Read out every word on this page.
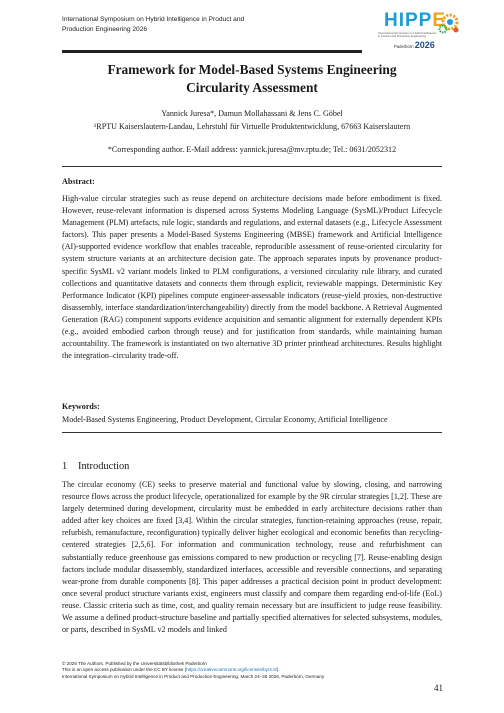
International Symposium on Hybrid Intelligence in Product and
Production Engineering 2026	HIPPE
International Symposium on Hybrid Intelligence
in Product and Production Engineering
Paderborn 2026
Framework for Model-Based Systems Engineering
Circularity Assessment
Yannick Juresa*, Damun Mollahassani & Jens C. Göbel
¹RPTU Kaiserslautern-Landau, Lehrstuhl für Virtuelle Produktentwicklung, 67663 Kaiserslautern
*Corresponding author. E-Mail address: yannick.juresa@mv.rptu.de; Tel.: 0631/2052312
Abstract:

High-value circular strategies such as reuse depend on architecture decisions made before embodiment is fixed. However, reuse-relevant information is dispersed across Systems Modeling Language (SysML)/Product Lifecycle Management (PLM) artefacts, rule logic, standards and regulations, and external datasets (e.g., Lifecycle Assessment factors). This paper presents a Model-Based Systems Engineering (MBSE) framework and Artificial Intelligence (AI)-supported evidence workflow that enables traceable, reproducible assessment of reuse-oriented circularity for system structure variants at an architecture decision gate. The approach separates inputs by provenance product-specific SysML v2 variant models linked to PLM configurations, a versioned circularity rule library, and curated collections and quantitative datasets and connects them through explicit, reviewable mappings. Deterministic Key Performance Indicator (KPI) pipelines compute engineer-assessable indicators (reuse-yield proxies, non-destructive disassembly, interface standardization/interchangeability) directly from the model backbone. A Retrieval Augmented Generation (RAG) component supports evidence acquisition and semantic alignment for externally dependent KPIs (e.g., avoided embodied carbon through reuse) and for justification from standards, while maintaining human accountability. The framework is instantiated on two alternative 3D printer printhead architectures. Results highlight the integration–circularity trade-off.

Keywords:
Model-Based Systems Engineering, Product Development, Circular Economy, Artificial Intelligence
1 Introduction

The circular economy (CE) seeks to preserve material and functional value by slowing, closing, and narrowing resource flows across the product lifecycle, operationalized for example by the 9R circular strategies [1,2]. These are largely determined during development, circularity must be embedded in early architecture decisions rather than added after key choices are fixed [3,4]. Within the circular strategies, function-retaining approaches (reuse, repair, refurbish, remanufacture, reconfiguration) typically deliver higher ecological and economic benefits than recycling-centered strategies [2,5,6]. For information and communication technology, reuse and refurbishment can substantially reduce greenhouse gas emissions compared to new production or recycling [7]. Reuse-enabling design factors include modular disassembly, standardized interfaces, accessible and reversible connections, and separating wear-prone from durable components [8]. This paper addresses a practical decision point in product development: once several product structure variants exist, engineers must classify and compare them regarding end-of-life (EoL) reuse. Classic criteria such as time, cost, and quality remain necessary but are insufficient to judge reuse feasibility. We assume a defined product-structure baseline and partially specified alternatives for selected subsystems, modules, or parts, described in SysML v2 models and linked

© 2026 The Authors. Published by the Universitätsbibliothek Paderborn
This is an open access publication under the CC BY license (https://creativecommons.org/licenses/by/4.0/).
International Symposium on Hybrid Intelligence in Product and Production Engineering, March 24–26 2026, Paderborn, Germany
41
